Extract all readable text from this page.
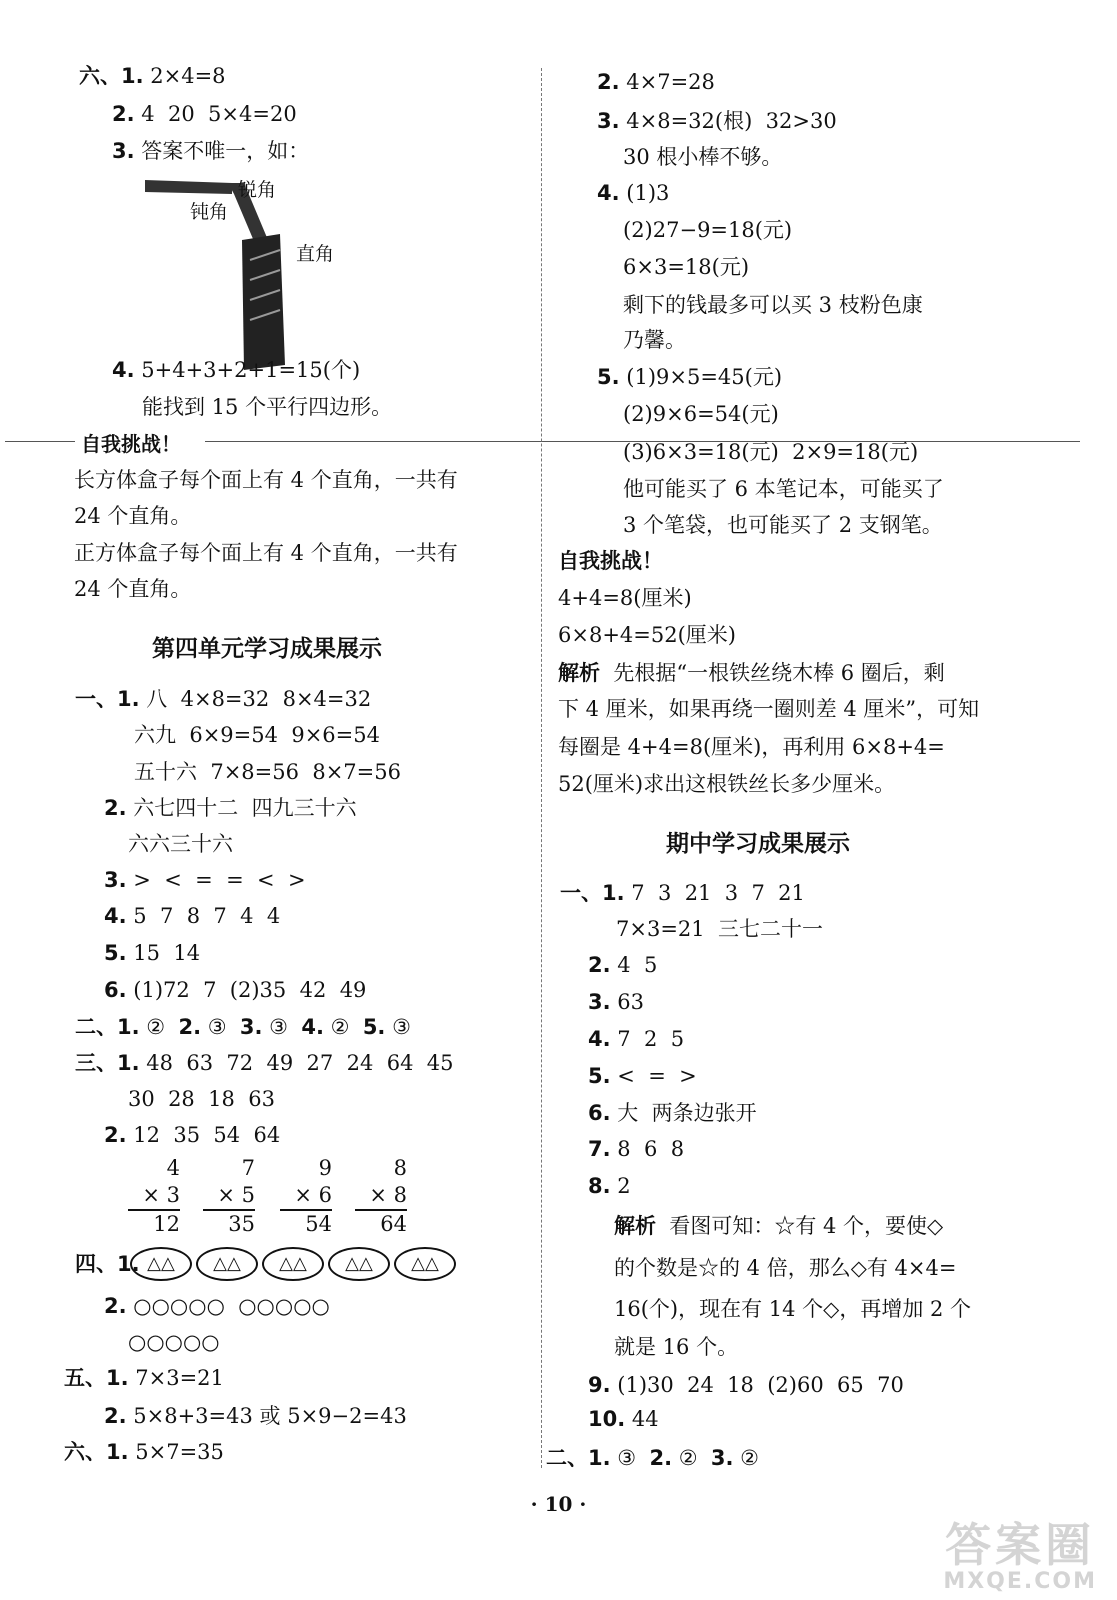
六、1. 2×4=8
2. 4  20  5×4=20
3. 答案不唯一，如：
锐角
钝角
直角
4. 5+4+3+2+1=15(个)
能找到 15 个平行四边形。
自我挑战！
长方体盒子每个面上有 4 个直角，一共有
24 个直角。
正方体盒子每个面上有 4 个直角，一共有
24 个直角。
第四单元学习成果展示
一、1. 八  4×8=32  8×4=32
六九  6×9=54  9×6=54
五十六  7×8=56  8×7=56
2. 六七四十二  四九三十六
六六三十六
3. >  <  =  =  <  >
4. 5  7  8  7  4  4
5. 15  14
6. (1)72  7  (2)35  42  49
二、1. ②  2. ③  3. ③  4. ②  5. ③
三、1. 48  63  72  49  27  24  64  45
30  28  18  63
2. 12  35  54  64
4
× 3
12
7
× 5
35
9
× 6
54
8
× 8
64
四、1. △△ △△ △△ △△ △△
2. ○○○○○  ○○○○○
○○○○○
五、1. 7×3=21
2. 5×8+3=43 或 5×9−2=43
六、1. 5×7=35
2. 4×7=28
3. 4×8=32(根)  32>30
30 根小棒不够。
4. (1)3
(2)27−9=18(元)
6×3=18(元)
剩下的钱最多可以买 3 枝粉色康
乃馨。
5. (1)9×5=45(元)
(2)9×6=54(元)
(3)6×3=18(元)  2×9=18(元)
他可能买了 6 本笔记本，可能买了
3 个笔袋，也可能买了 2 支钢笔。
自我挑战！
4+4=8(厘米)
6×8+4=52(厘米)
解析  先根据“一根铁丝绕木棒 6 圈后，剩
下 4 厘米，如果再绕一圈则差 4 厘米”，可知
每圈是 4+4=8(厘米)，再利用 6×8+4=
52(厘米)求出这根铁丝长多少厘米。
期中学习成果展示
一、1. 7  3  21  3  7  21
7×3=21  三七二十一
2. 4  5
3. 63
4. 7  2  5
5. <  =  >
6. 大  两条边张开
7. 8  6  8
8. 2
解析  看图可知：☆有 4 个，要使◇
的个数是☆的 4 倍，那么◇有 4×4=
16(个)，现在有 14 个◇，再增加 2 个
就是 16 个。
9. (1)30  24  18  (2)60  65  70
10. 44
二、1. ③  2. ②  3. ②
· 10 ·
答案圈
MXQE.COM
